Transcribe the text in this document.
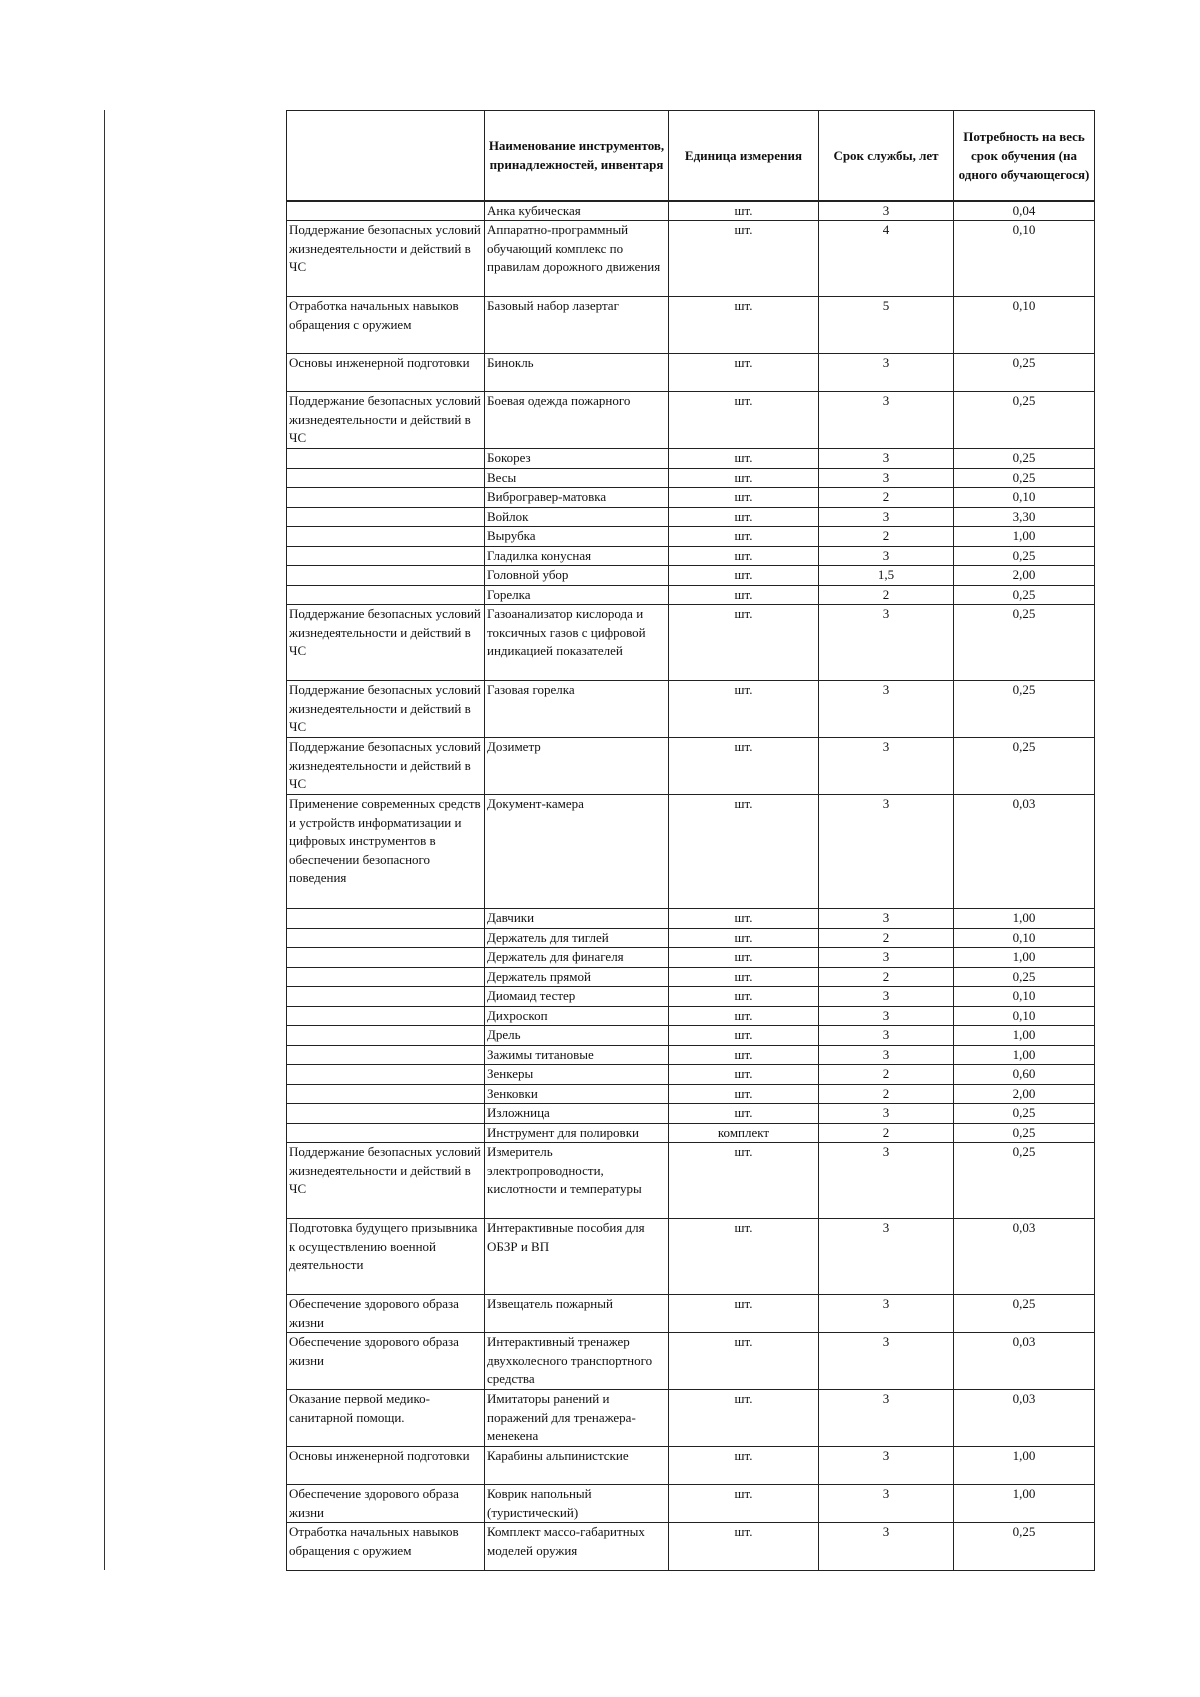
	Наименование инструментов, принадлежностей, инвентаря	Единица измерения	Срок службы, лет	Потребность на весь срок обучения (на одного обучающегося)
	Анка кубическая	шт.	3	0,04
Поддержание безопасных условий жизнедеятельности и действий в ЧС	Аппаратно-программный обучающий комплекс по правилам дорожного движения	шт.	4	0,10
Отработка начальных навыков обращения с оружием	Базовый набор лазертаг	шт.	5	0,10
Основы инженерной подготовки	Бинокль	шт.	3	0,25
Поддержание безопасных условий жизнедеятельности и действий в ЧС	Боевая одежда пожарного	шт.	3	0,25
	Бокорез	шт.	3	0,25
	Весы	шт.	3	0,25
	Виброгравер-матовка	шт.	2	0,10
	Войлок	шт.	3	3,30
	Вырубка	шт.	2	1,00
	Гладилка конусная	шт.	3	0,25
	Головной убор	шт.	1,5	2,00
	Горелка	шт.	2	0,25
Поддержание безопасных условий жизнедеятельности и действий в ЧС	Газоанализатор кислорода и токсичных газов с цифровой индикацией показателей	шт.	3	0,25
Поддержание безопасных условий жизнедеятельности и действий в ЧС	Газовая горелка	шт.	3	0,25
Поддержание безопасных условий жизнедеятельности и действий в ЧС	Дозиметр	шт.	3	0,25
Применение современных средств и устройств информатизации и цифровых инструментов в обеспечении безопасного поведения	Документ-камера	шт.	3	0,03
	Давчики	шт.	3	1,00
	Держатель для тиглей	шт.	2	0,10
	Держатель для финагеля	шт.	3	1,00
	Держатель прямой	шт.	2	0,25
	Диомаид тестер	шт.	3	0,10
	Дихроскоп	шт.	3	0,10
	Дрель	шт.	3	1,00
	Зажимы титановые	шт.	3	1,00
	Зенкеры	шт.	2	0,60
	Зенковки	шт.	2	2,00
	Изложница	шт.	3	0,25
	Инструмент для полировки	комплект	2	0,25
Поддержание безопасных условий жизнедеятельности и действий в ЧС	Измеритель электропроводности, кислотности и температуры	шт.	3	0,25
Подготовка будущего призывника к осуществлению военной деятельности	Интерактивные пособия для ОБЗР и ВП	шт.	3	0,03
Обеспечение здорового образа жизни	Извещатель пожарный	шт.	3	0,25
Обеспечение здорового образа жизни	Интерактивный тренажер двухколесного транспортного средства	шт.	3	0,03
Оказание первой медико-санитарной помощи.	Имитаторы ранений и поражений для тренажера-менекена	шт.	3	0,03
Основы инженерной подготовки	Карабины альпинистские	шт.	3	1,00
Обеспечение здорового образа жизни	Коврик напольный (туристический)	шт.	3	1,00
Отработка начальных навыков обращения с оружием	Комплект массо-габаритных моделей оружия	шт.	3	0,25
